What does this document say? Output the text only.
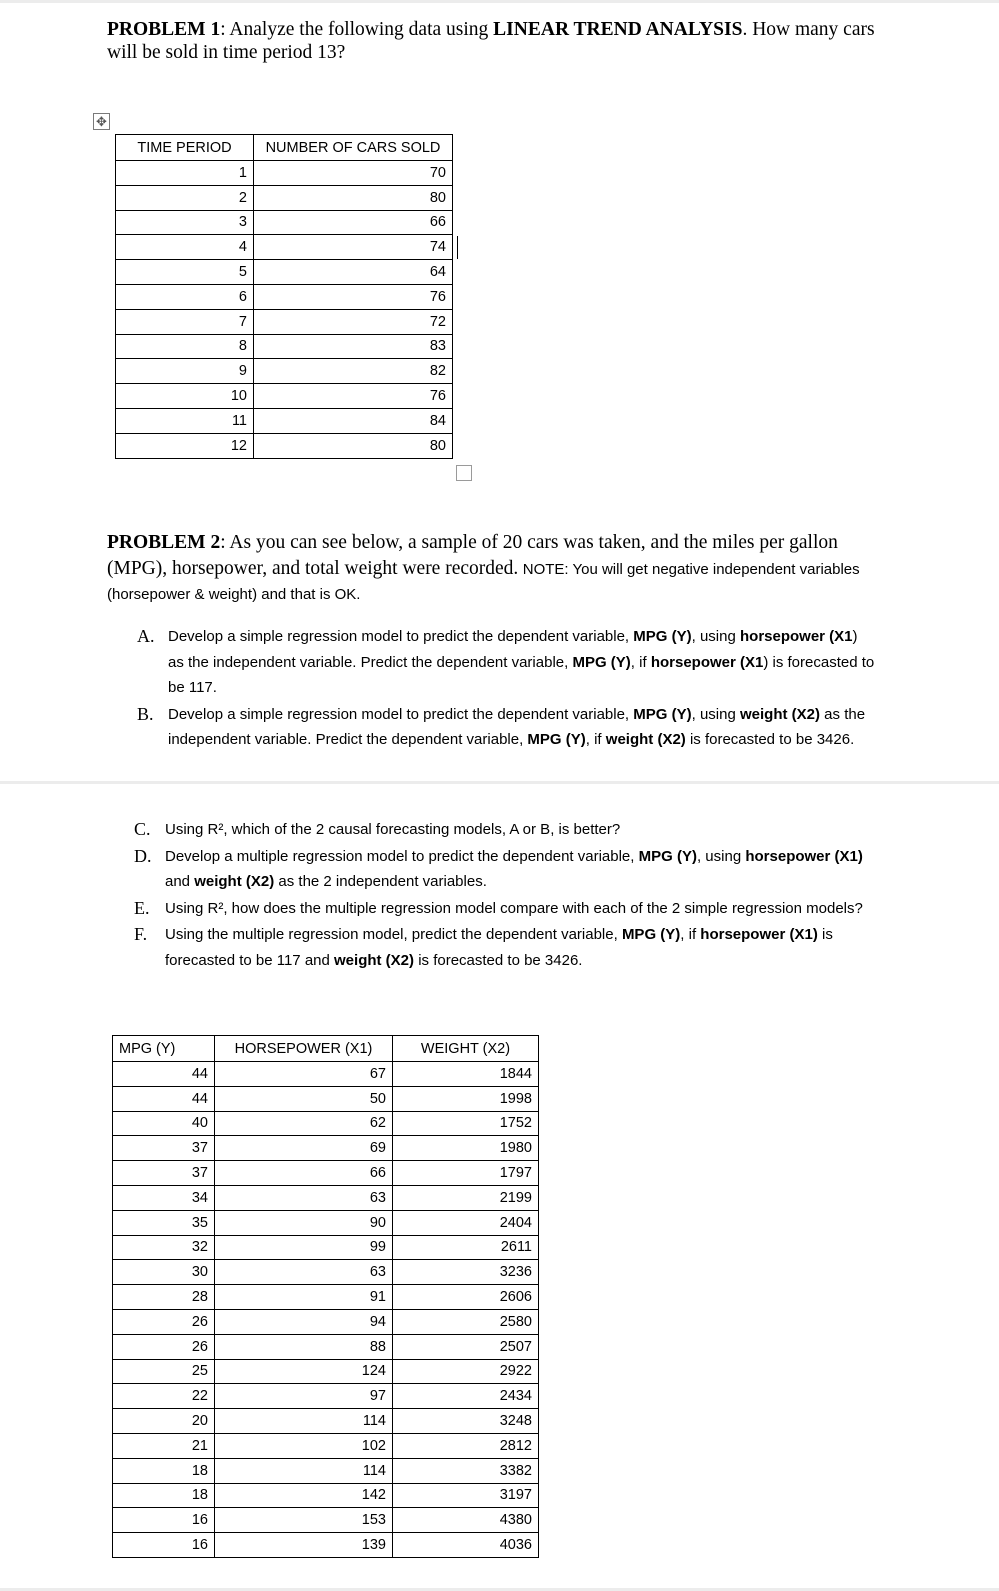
PROBLEM 1: Analyze the following data using LINEAR TREND ANALYSIS. How many cars will be sold in time period 13?

✥
TIME PERIOD	NUMBER OF CARS SOLD
1	70
2	80
3	66
4	74
5	64
6	76
7	72
8	83
9	82
10	76
11	84
12	80

PROBLEM 2: As you can see below, a sample of 20 cars was taken, and the miles per gallon (MPG), horsepower, and total weight were recorded. NOTE: You will get negative independent variables (horsepower & weight) and that is OK.

A. Develop a simple regression model to predict the dependent variable, MPG (Y), using horsepower (X1) as the independent variable. Predict the dependent variable, MPG (Y), if horsepower (X1) is forecasted to be 117.
B. Develop a simple regression model to predict the dependent variable, MPG (Y), using weight (X2) as the independent variable. Predict the dependent variable, MPG (Y), if weight (X2) is forecasted to be 3426.
C. Using R², which of the 2 causal forecasting models, A or B, is better?
D. Develop a multiple regression model to predict the dependent variable, MPG (Y), using horsepower (X1) and weight (X2) as the 2 independent variables.
E. Using R², how does the multiple regression model compare with each of the 2 simple regression models?
F. Using the multiple regression model, predict the dependent variable, MPG (Y), if horsepower (X1) is forecasted to be 117 and weight (X2) is forecasted to be 3426.
MPG (Y)	HORSEPOWER (X1)	WEIGHT (X2)
44	67	1844
44	50	1998
40	62	1752
37	69	1980
37	66	1797
34	63	2199
35	90	2404
32	99	2611
30	63	3236
28	91	2606
26	94	2580
26	88	2507
25	124	2922
22	97	2434
20	114	3248
21	102	2812
18	114	3382
18	142	3197
16	153	4380
16	139	4036
